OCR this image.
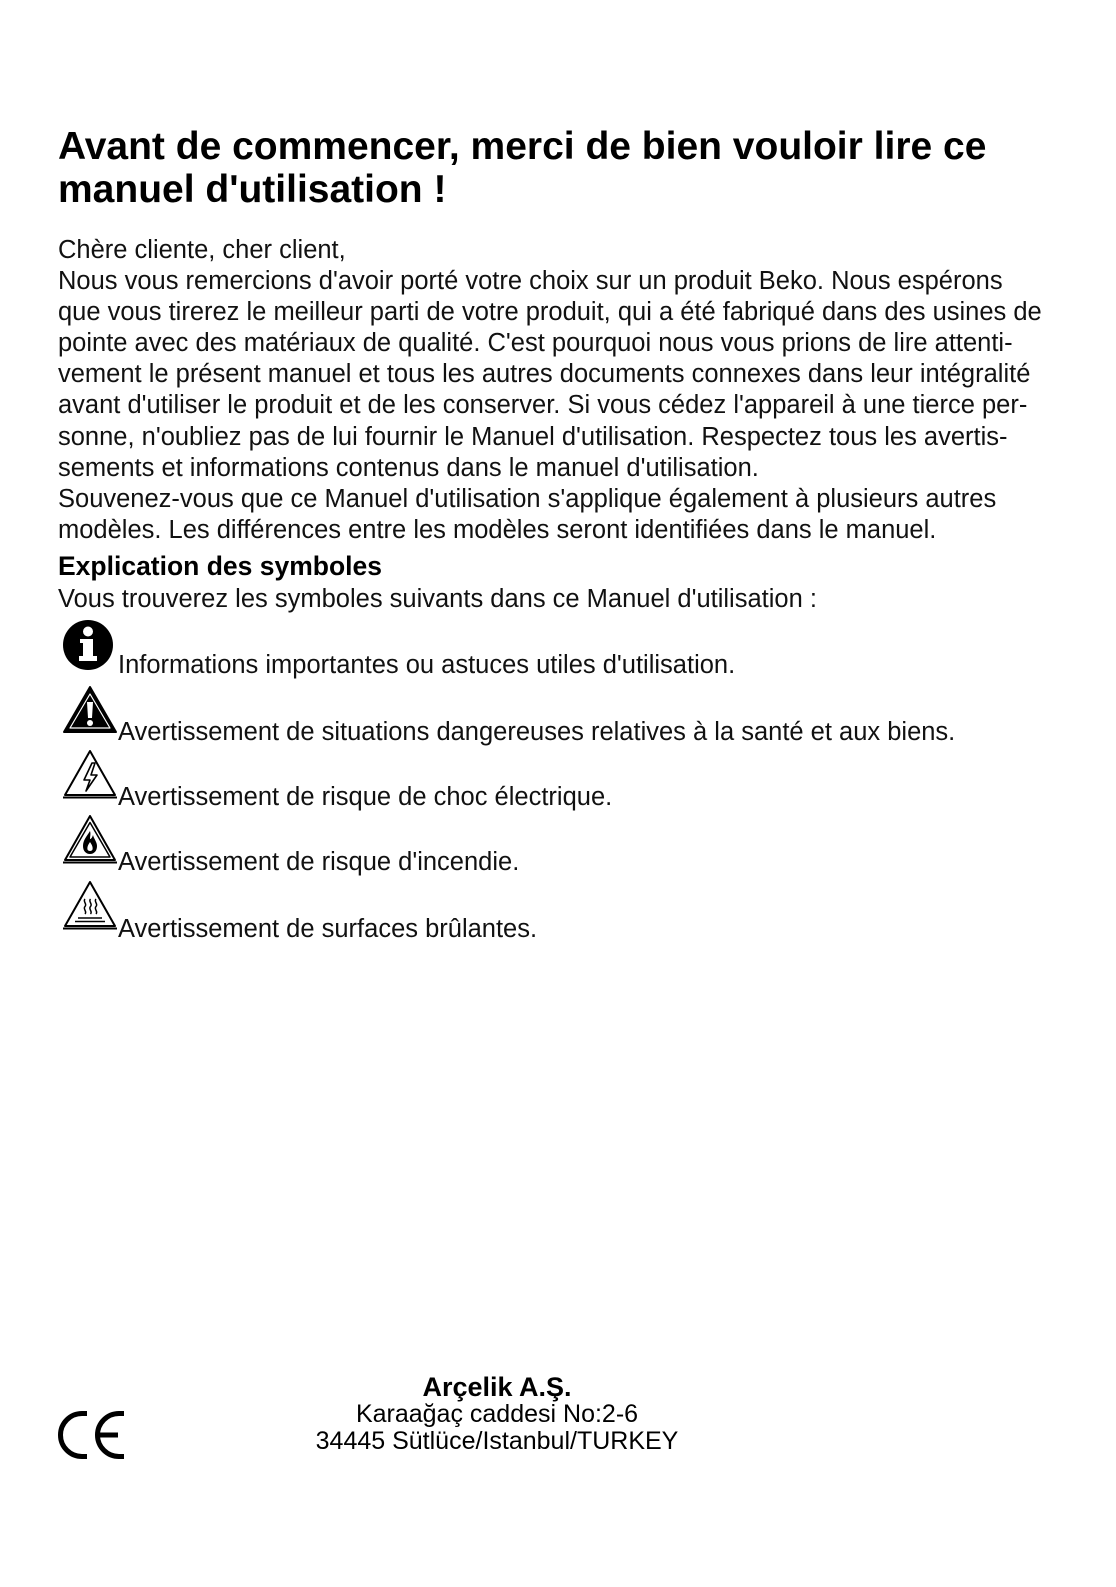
Avant de commencer, merci de bien vouloir lire ce
manuel d'utilisation !
Chère cliente, cher client,
Nous vous remercions d'avoir porté votre choix sur un produit Beko. Nous espérons
que vous tirerez le meilleur parti de votre produit, qui a été fabriqué dans des usines de
pointe avec des matériaux de qualité. C'est pourquoi nous vous prions de lire attenti-
vement le présent manuel et tous les autres documents connexes dans leur intégralité
avant d'utiliser le produit et de les conserver. Si vous cédez l'appareil à une tierce per-
sonne, n'oubliez pas de lui fournir le Manuel d'utilisation. Respectez tous les avertis-
sements et informations contenus dans le manuel d'utilisation.
Souvenez-vous que ce Manuel d'utilisation s'applique également à plusieurs autres
modèles. Les différences entre les modèles seront identifiées dans le manuel.
Explication des symboles
Vous trouverez les symboles suivants dans ce Manuel d'utilisation :
Informations importantes ou astuces utiles d'utilisation.
Avertissement de situations dangereuses relatives à la santé et aux biens.
Avertissement de risque de choc électrique.
Avertissement de risque d'incendie.
Avertissement de surfaces brûlantes.
Arçelik A.Ş.
Karaağaç caddesi No:2-6
34445 Sütlüce/Istanbul/TURKEY
